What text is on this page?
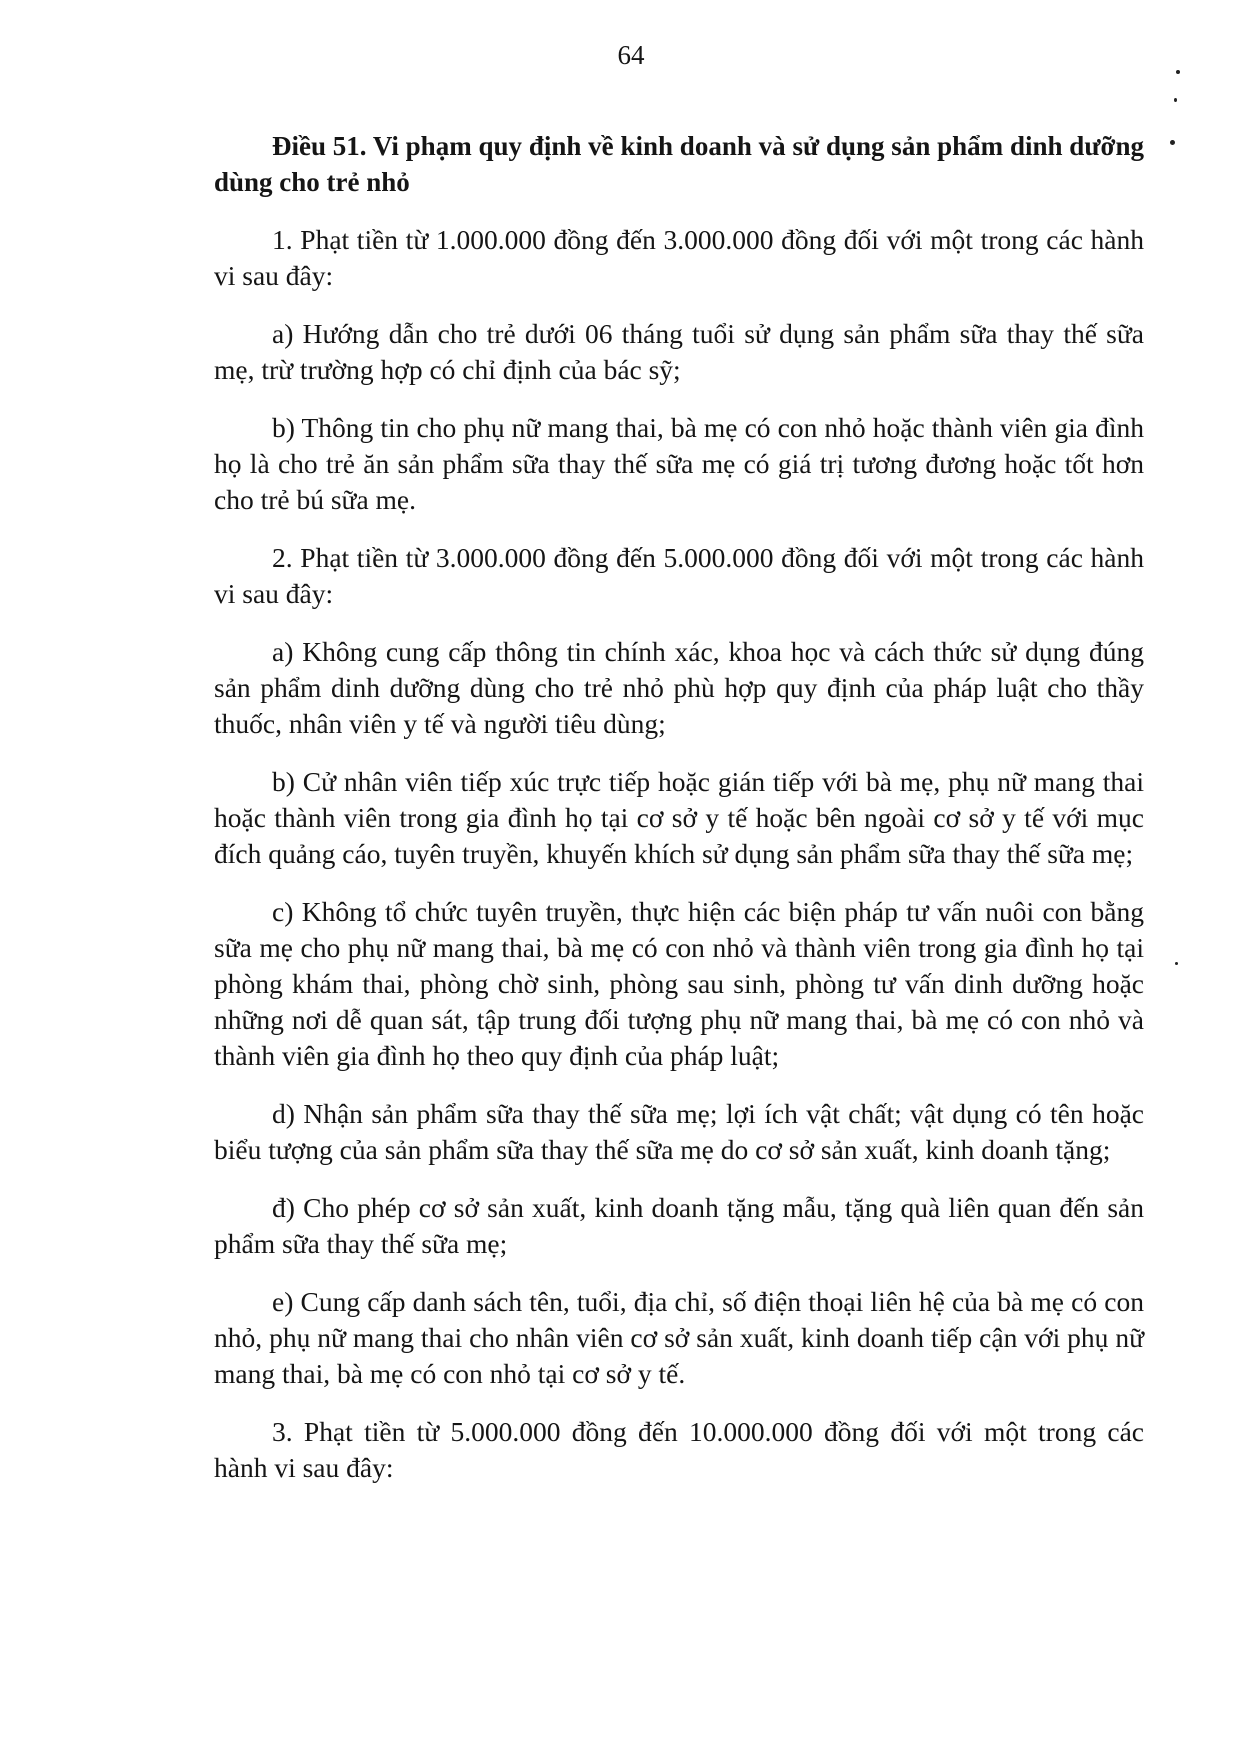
64

Điều 51. Vi phạm quy định về kinh doanh và sử dụng sản phẩm dinh dưỡng dùng cho trẻ nhỏ

1. Phạt tiền từ 1.000.000 đồng đến 3.000.000 đồng đối với một trong các hành vi sau đây:

a) Hướng dẫn cho trẻ dưới 06 tháng tuổi sử dụng sản phẩm sữa thay thế sữa mẹ, trừ trường hợp có chỉ định của bác sỹ;

b) Thông tin cho phụ nữ mang thai, bà mẹ có con nhỏ hoặc thành viên gia đình họ là cho trẻ ăn sản phẩm sữa thay thế sữa mẹ có giá trị tương đương hoặc tốt hơn cho trẻ bú sữa mẹ.

2. Phạt tiền từ 3.000.000 đồng đến 5.000.000 đồng đối với một trong các hành vi sau đây:

a) Không cung cấp thông tin chính xác, khoa học và cách thức sử dụng đúng sản phẩm dinh dưỡng dùng cho trẻ nhỏ phù hợp quy định của pháp luật cho thầy thuốc, nhân viên y tế và người tiêu dùng;

b) Cử nhân viên tiếp xúc trực tiếp hoặc gián tiếp với bà mẹ, phụ nữ mang thai hoặc thành viên trong gia đình họ tại cơ sở y tế hoặc bên ngoài cơ sở y tế với mục đích quảng cáo, tuyên truyền, khuyến khích sử dụng sản phẩm sữa thay thế sữa mẹ;

c) Không tổ chức tuyên truyền, thực hiện các biện pháp tư vấn nuôi con bằng sữa mẹ cho phụ nữ mang thai, bà mẹ có con nhỏ và thành viên trong gia đình họ tại phòng khám thai, phòng chờ sinh, phòng sau sinh, phòng tư vấn dinh dưỡng hoặc những nơi dễ quan sát, tập trung đối tượng phụ nữ mang thai, bà mẹ có con nhỏ và thành viên gia đình họ theo quy định của pháp luật;

d) Nhận sản phẩm sữa thay thế sữa mẹ; lợi ích vật chất; vật dụng có tên hoặc biểu tượng của sản phẩm sữa thay thế sữa mẹ do cơ sở sản xuất, kinh doanh tặng;

đ) Cho phép cơ sở sản xuất, kinh doanh tặng mẫu, tặng quà liên quan đến sản phẩm sữa thay thế sữa mẹ;

e) Cung cấp danh sách tên, tuổi, địa chỉ, số điện thoại liên hệ của bà mẹ có con nhỏ, phụ nữ mang thai cho nhân viên cơ sở sản xuất, kinh doanh tiếp cận với phụ nữ mang thai, bà mẹ có con nhỏ tại cơ sở y tế.

3. Phạt tiền từ 5.000.000 đồng đến 10.000.000 đồng đối với một trong các hành vi sau đây:
